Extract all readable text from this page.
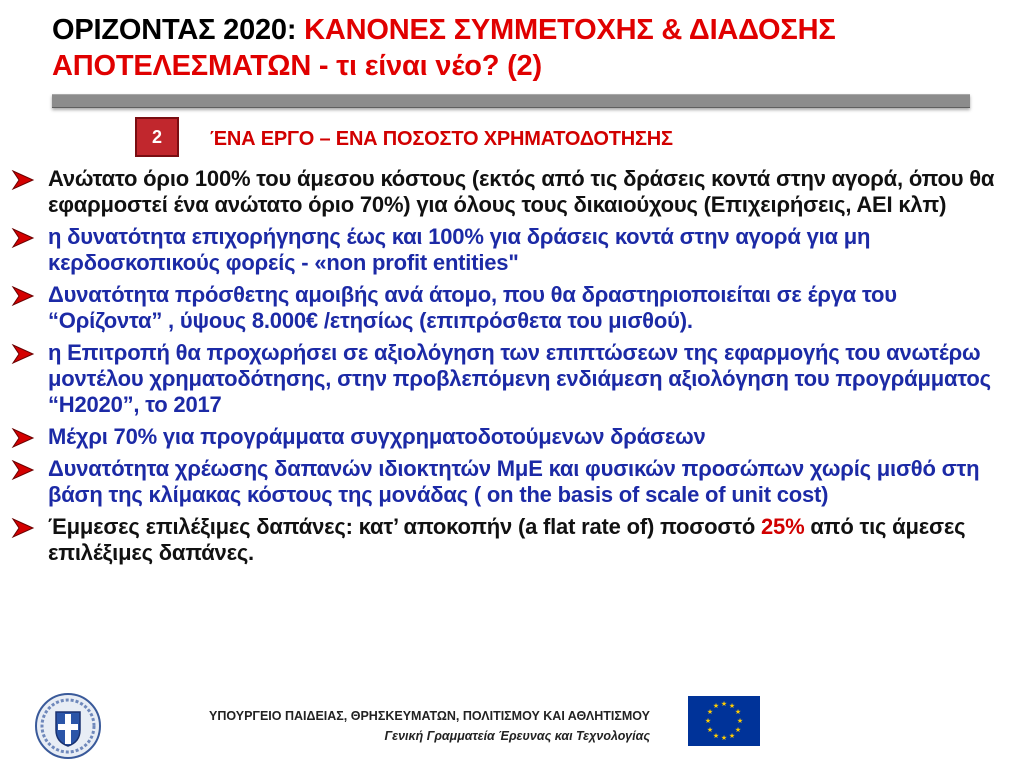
ΟΡΙΖΟΝΤΑΣ 2020: ΚΑΝΟΝΕΣ ΣΥΜΜΕΤΟΧΗΣ & ΔΙΑΔΟΣΗΣ
ΑΠΟΤΕΛΕΣΜΑΤΩΝ - τι είναι νέο? (2)
2	ΈΝΑ ΕΡΓΟ – ΕΝΑ ΠΟΣΟΣΤΟ ΧΡΗΜΑΤΟΔΟΤΗΣΗΣ
Ανώτατο όριο 100% του άμεσου κόστους (εκτός από τις δράσεις κοντά στην αγορά, όπου θα εφαρμοστεί ένα ανώτατο όριο 70%) για όλους τους δικαιούχους (Επιχειρήσεις, ΑΕΙ κλπ)
η δυνατότητα επιχορήγησης έως και 100% για δράσεις κοντά στην αγορά για μη κερδοσκοπικούς φορείς - «non profit entities"
Δυνατότητα πρόσθετης αμοιβής ανά άτομο, που θα δραστηριοποιείται σε έργα του “Ορίζοντα” , ύψους 8.000€ /ετησίως (επιπρόσθετα του μισθού).
η Επιτροπή θα προχωρήσει σε αξιολόγηση των επιπτώσεων της εφαρμογής του ανωτέρω μοντέλου χρηματοδότησης, στην προβλεπόμενη ενδιάμεση αξιολόγηση του προγράμματος “Η2020”, το 2017
Μέχρι 70% για προγράμματα συγχρηματοδοτούμενων δράσεων
Δυνατότητα χρέωσης δαπανών ιδιοκτητών ΜμΕ και φυσικών προσώπων χωρίς μισθό στη βάση της κλίμακας κόστους της μονάδας ( on the basis of scale of unit cost)
Έμμεσες επιλέξιμες δαπάνες: κατ’ αποκοπήν (a flat rate of) ποσοστό 25% από τις άμεσες επιλέξιμες δαπάνες.
ΥΠΟΥΡΓΕΙΟ ΠΑΙΔΕΙΑΣ, ΘΡΗΣΚΕΥΜΑΤΩΝ, ΠΟΛΙΤΙΣΜΟΥ ΚΑΙ ΑΘΛΗΤΙΣΜΟΥ
Γενική Γραμματεία Έρευνας και Τεχνολογίας
★ ★
★
★
★
★
★
★
★
★
★
★
